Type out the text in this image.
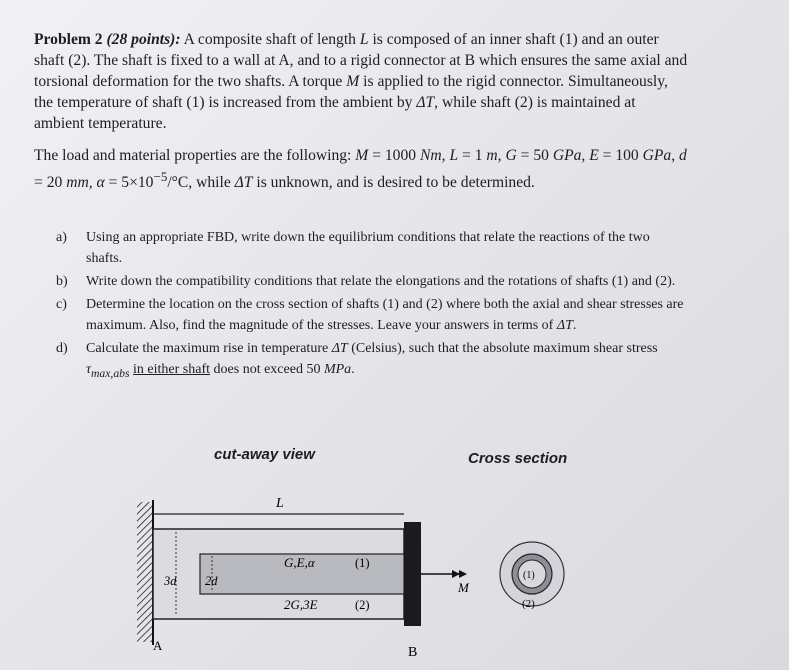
Problem 2 (28 points): A composite shaft of length L is composed of an inner shaft (1) and an outer shaft (2). The shaft is fixed to a wall at A, and to a rigid connector at B which ensures the same axial and torsional deformation for the two shafts. A torque M is applied to the rigid connector. Simultaneously, the temperature of shaft (1) is increased from the ambient by ΔT, while shaft (2) is maintained at ambient temperature.
The load and material properties are the following: M = 1000 Nm, L = 1 m, G = 50 GPa, E = 100 GPa, d = 20 mm, $\alpha = 5\times 10^{-5}/^\circ C$, while ΔT is unknown, and is desired to be determined.
a) Using an appropriate FBD, write down the equilibrium conditions that relate the reactions of the two shafts.
b) Write down the compatibility conditions that relate the elongations and the rotations of shafts (1) and (2).
c) Determine the location on the cross section of shafts (1) and (2) where both the axial and shear stresses are maximum. Also, find the magnitude of the stresses. Leave your answers in terms of ΔT.
d) Calculate the maximum rise in temperature ΔT (Celsius), such that the absolute maximum shear stress $\tau_{max,abs}$ in either shaft does not exceed 50 MPa.
cut-away view	Cross section
L
3d 2d
G,E,α	(1)
2G,3E	(2)
B
A
M
(1)
(2)
